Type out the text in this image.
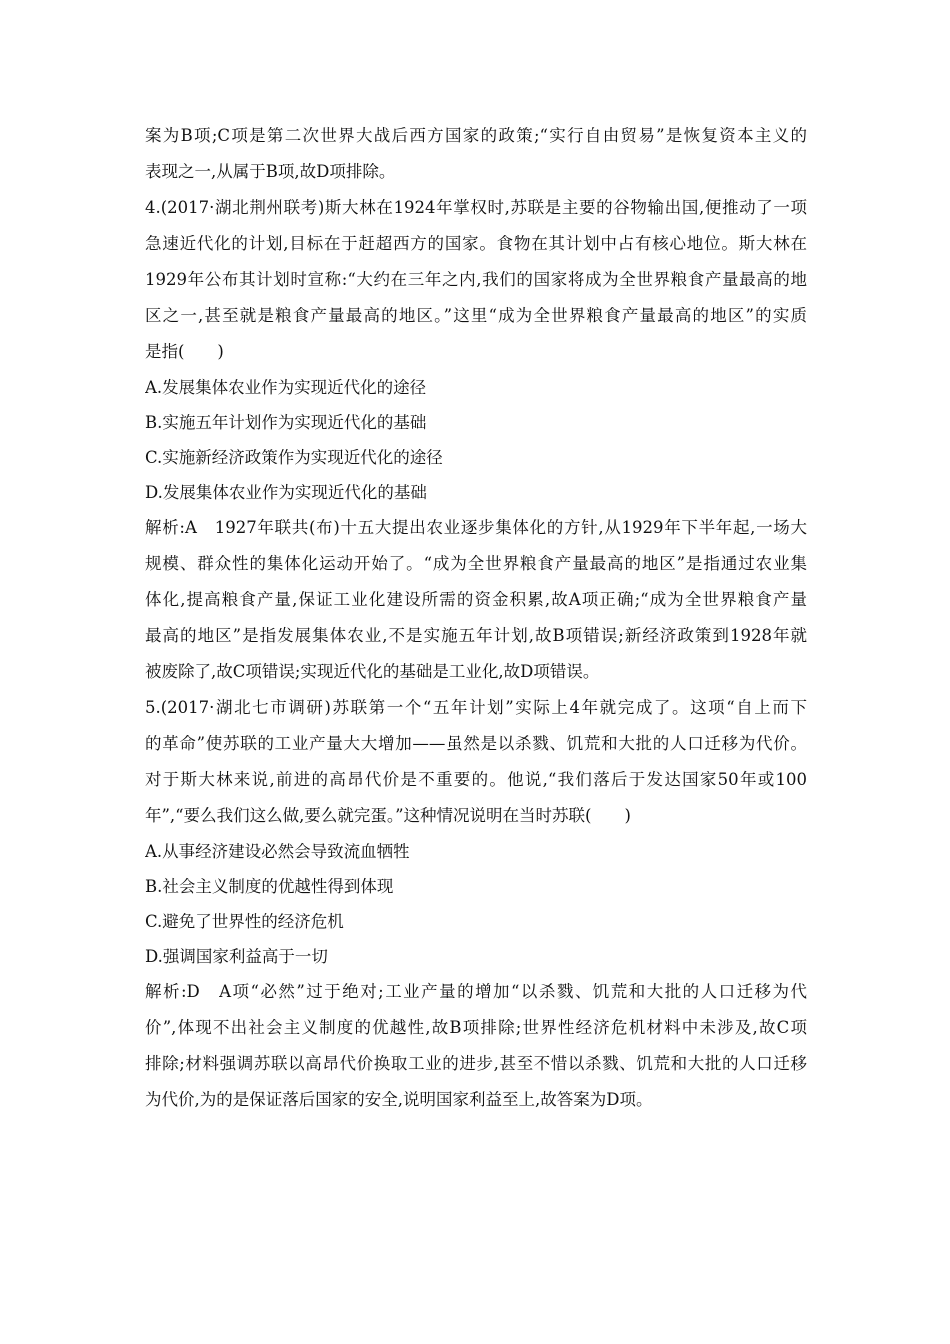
案为B项;C项是第二次世界大战后西方国家的政策;“实行自由贸易”是恢复资本主义的
表现之一,从属于B项,故D项排除。
4.(2017·湖北荆州联考)斯大林在1924年掌权时,苏联是主要的谷物输出国,便推动了一项
急速近代化的计划,目标在于赶超西方的国家。食物在其计划中占有核心地位。斯大林在
1929年公布其计划时宣称:“大约在三年之内,我们的国家将成为全世界粮食产量最高的地
区之一,甚至就是粮食产量最高的地区。”这里“成为全世界粮食产量最高的地区”的实质
是指(　　)
A.发展集体农业作为实现近代化的途径
B.实施五年计划作为实现近代化的基础
C.实施新经济政策作为实现近代化的途径
D.发展集体农业作为实现近代化的基础
解析:A　1927年联共(布)十五大提出农业逐步集体化的方针,从1929年下半年起,一场大
规模、群众性的集体化运动开始了。“成为全世界粮食产量最高的地区”是指通过农业集
体化,提高粮食产量,保证工业化建设所需的资金积累,故A项正确;“成为全世界粮食产量
最高的地区”是指发展集体农业,不是实施五年计划,故B项错误;新经济政策到1928年就
被废除了,故C项错误;实现近代化的基础是工业化,故D项错误。
5.(2017·湖北七市调研)苏联第一个“五年计划”实际上4年就完成了。这项“自上而下
的革命”使苏联的工业产量大大增加——虽然是以杀戮、饥荒和大批的人口迁移为代价。
对于斯大林来说,前进的高昂代价是不重要的。他说,“我们落后于发达国家50年或100
年”,“要么我们这么做,要么就完蛋。”这种情况说明在当时苏联(　　)
A.从事经济建设必然会导致流血牺牲
B.社会主义制度的优越性得到体现
C.避免了世界性的经济危机
D.强调国家利益高于一切
解析:D　A项“必然”过于绝对;工业产量的增加“以杀戮、饥荒和大批的人口迁移为代
价”,体现不出社会主义制度的优越性,故B项排除;世界性经济危机材料中未涉及,故C项
排除;材料强调苏联以高昂代价换取工业的进步,甚至不惜以杀戮、饥荒和大批的人口迁移
为代价,为的是保证落后国家的安全,说明国家利益至上,故答案为D项。
